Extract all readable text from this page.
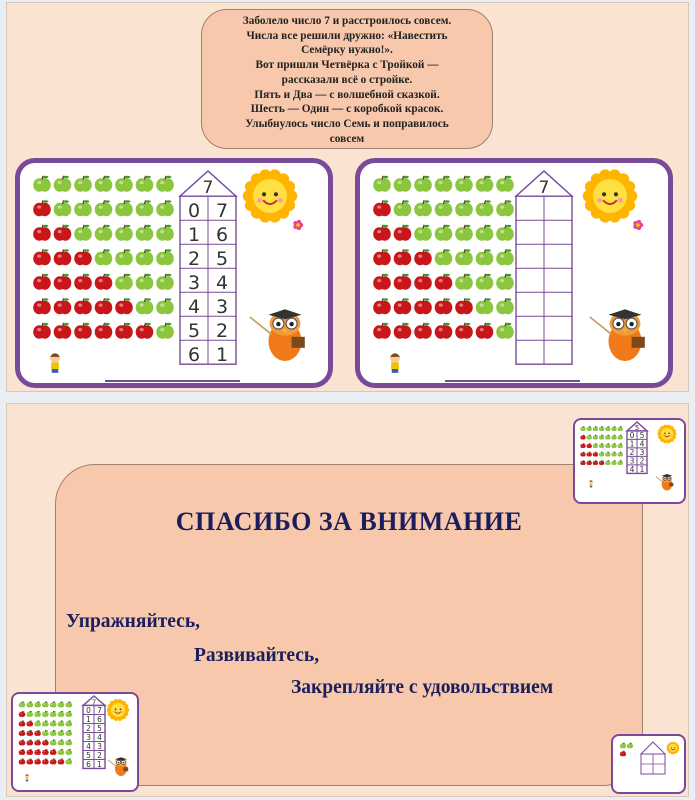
Заболело число 7 и расстроилось совсем.
Числа все решили дружно: «Навестить
Семёрку нужно!».
Вот пришли Четвёрка с Тройкой —
рассказали всё о стройке.
Пять и Два — с волшебной сказкой.
Шесть — Один — с коробкой красок.
Улыбнулось число Семь и поправилось
совсем
7
0 7
1 6
2 5
3 4
4 3
5 2
6 1
7
СПАСИБО ЗА ВНИМАНИЕ
Упражняйтесь,
Развивайтесь,
Закрепляйте с удовольствием
5
0 5
1 4
2 3
3 2
4 1
7
0 7
1 6
2 5
3 4
4 3
5 2
6 1
